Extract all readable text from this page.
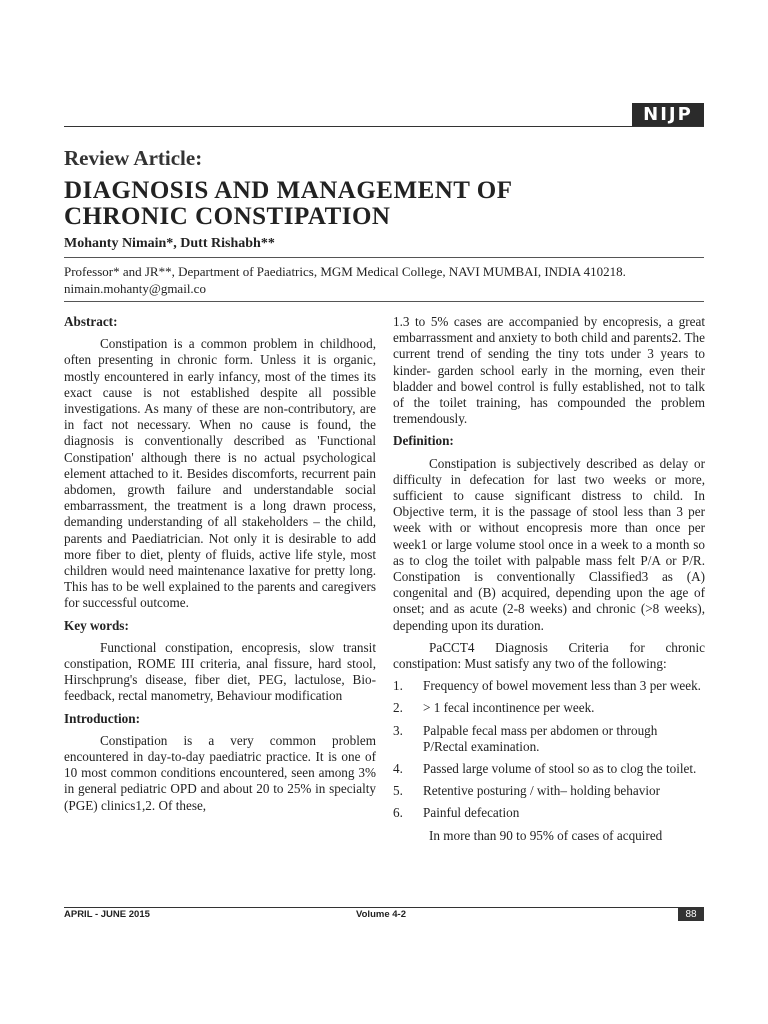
NIJP
Review Article:
DIAGNOSIS AND MANAGEMENT OF
CHRONIC CONSTIPATION
Mohanty Nimain*, Dutt Rishabh**
Professor* and JR**, Department of Paediatrics, MGM Medical College, NAVI MUMBAI, INDIA 410218.
nimain.mohanty@gmail.co
Abstract:

Constipation is a common problem in childhood, often presenting in chronic form. Unless it is organic, mostly encountered in early infancy, most of the times its exact cause is not established despite all possible investigations. As many of these are non-contributory, are in fact not necessary. When no cause is found, the diagnosis is conventionally described as 'Functional Constipation' although there is no actual psychological element attached to it. Besides discomforts, recurrent pain abdomen, growth failure and understandable social embarrassment, the treatment is a long drawn process, demanding understanding of all stakeholders – the child, parents and Paediatrician. Not only it is desirable to add more fiber to diet, plenty of fluids, active life style, most children would need maintenance laxative for pretty long. This has to be well explained to the parents and caregivers for successful outcome.

Key words:

Functional constipation, encopresis, slow transit constipation, ROME III criteria, anal fissure, hard stool, Hirschprung's disease, fiber diet, PEG, lactulose, Bio-feedback, rectal manometry, Behaviour modification

Introduction:

Constipation is a very common problem encountered in day-to-day paediatric practice. It is one of 10 most common conditions encountered, seen among 3% in general pediatric OPD and about 20 to 25% in specialty (PGE) clinics1,2. Of these,

1.3 to 5% cases are accompanied by encopresis, a great embarrassment and anxiety to both child and parents2. The current trend of sending the tiny tots under 3 years to kinder- garden school early in the morning, even their bladder and bowel control is fully established, not to talk of the toilet training, has compounded the problem tremendously.

Definition:

Constipation is subjectively described as delay or difficulty in defecation for last two weeks or more, sufficient to cause significant distress to child. In Objective term, it is the passage of stool less than 3 per week with or without encopresis more than once per week1 or large volume stool once in a week to a month so as to clog the toilet with palpable mass felt P/A or P/R. Constipation is conventionally Classified3 as (A) congenital and (B) acquired, depending upon the age of onset; and as acute (2-8 weeks) and chronic (>8 weeks), depending upon its duration.

PaCCT4 Diagnosis Criteria for chronic constipation: Must satisfy any two of the following:

1.	Frequency of bowel movement less than 3 per week.
2.	> 1 fecal incontinence per week.
3.	Palpable fecal mass per abdomen or through P/Rectal examination.
4.	Passed large volume of stool so as to clog the toilet.
5.	Retentive posturing / with– holding behavior
6.	Painful defecation

In more than 90 to 95% of cases of acquired

APRIL - JUNE 2015	Volume 4-2	88
